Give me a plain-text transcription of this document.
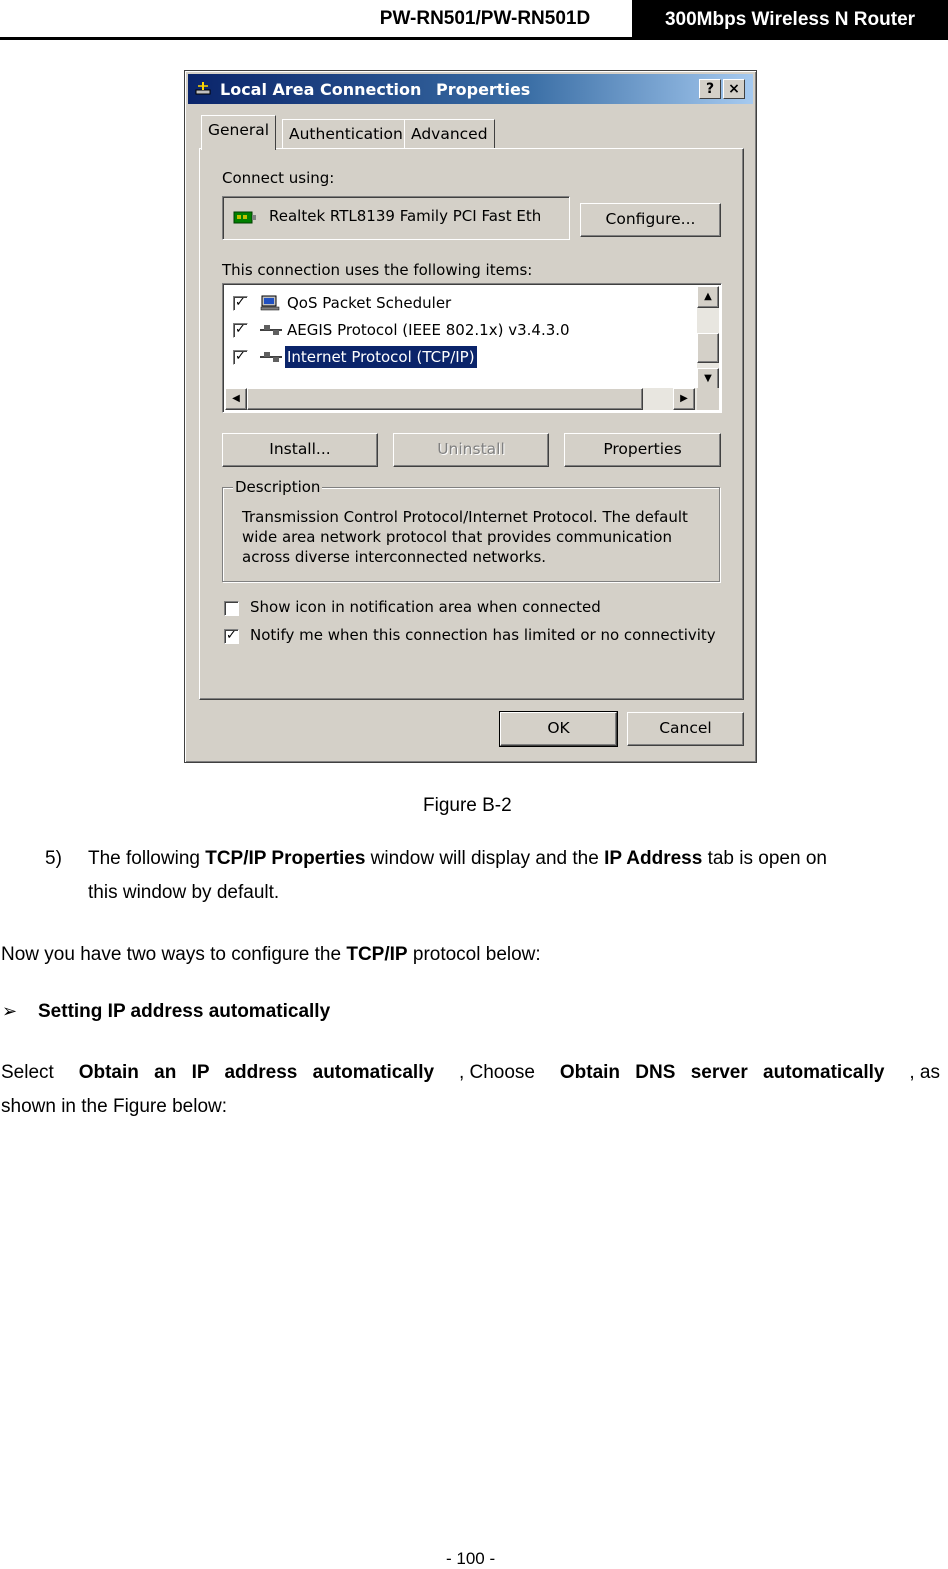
PW-RN501/PW-RN501D	300Mbps Wireless N Router
Local Area Connection Properties	?	×
General	Authentication Advanced
Connect using:
Realtek RTL8139 Family PCI Fast Eth	Configure...
This connection uses the following items:
✓	QoS Packet Scheduler
✓	AEGIS Protocol (IEEE 802.1x) v3.4.3.0
✓	Internet Protocol (TCP/IP)
▲
▼
◀	▶
Install...	Uninstall	Properties
Description
Transmission Control Protocol/Internet Protocol. The default
wide area network protocol that provides communication
across diverse interconnected networks.
Show icon in notification area when connected
✓ Notify me when this connection has limited or no connectivity
OK	Cancel
Figure B-2
5) The following TCP/IP Properties window will display and the IP Address tab is open on
this window by default.
Now you have two ways to configure the TCP/IP protocol below:
➢ Setting IP address automatically
Select Obtain an IP address automatically , Choose Obtain DNS server automatically , as
shown in the Figure below:
- 100 -
